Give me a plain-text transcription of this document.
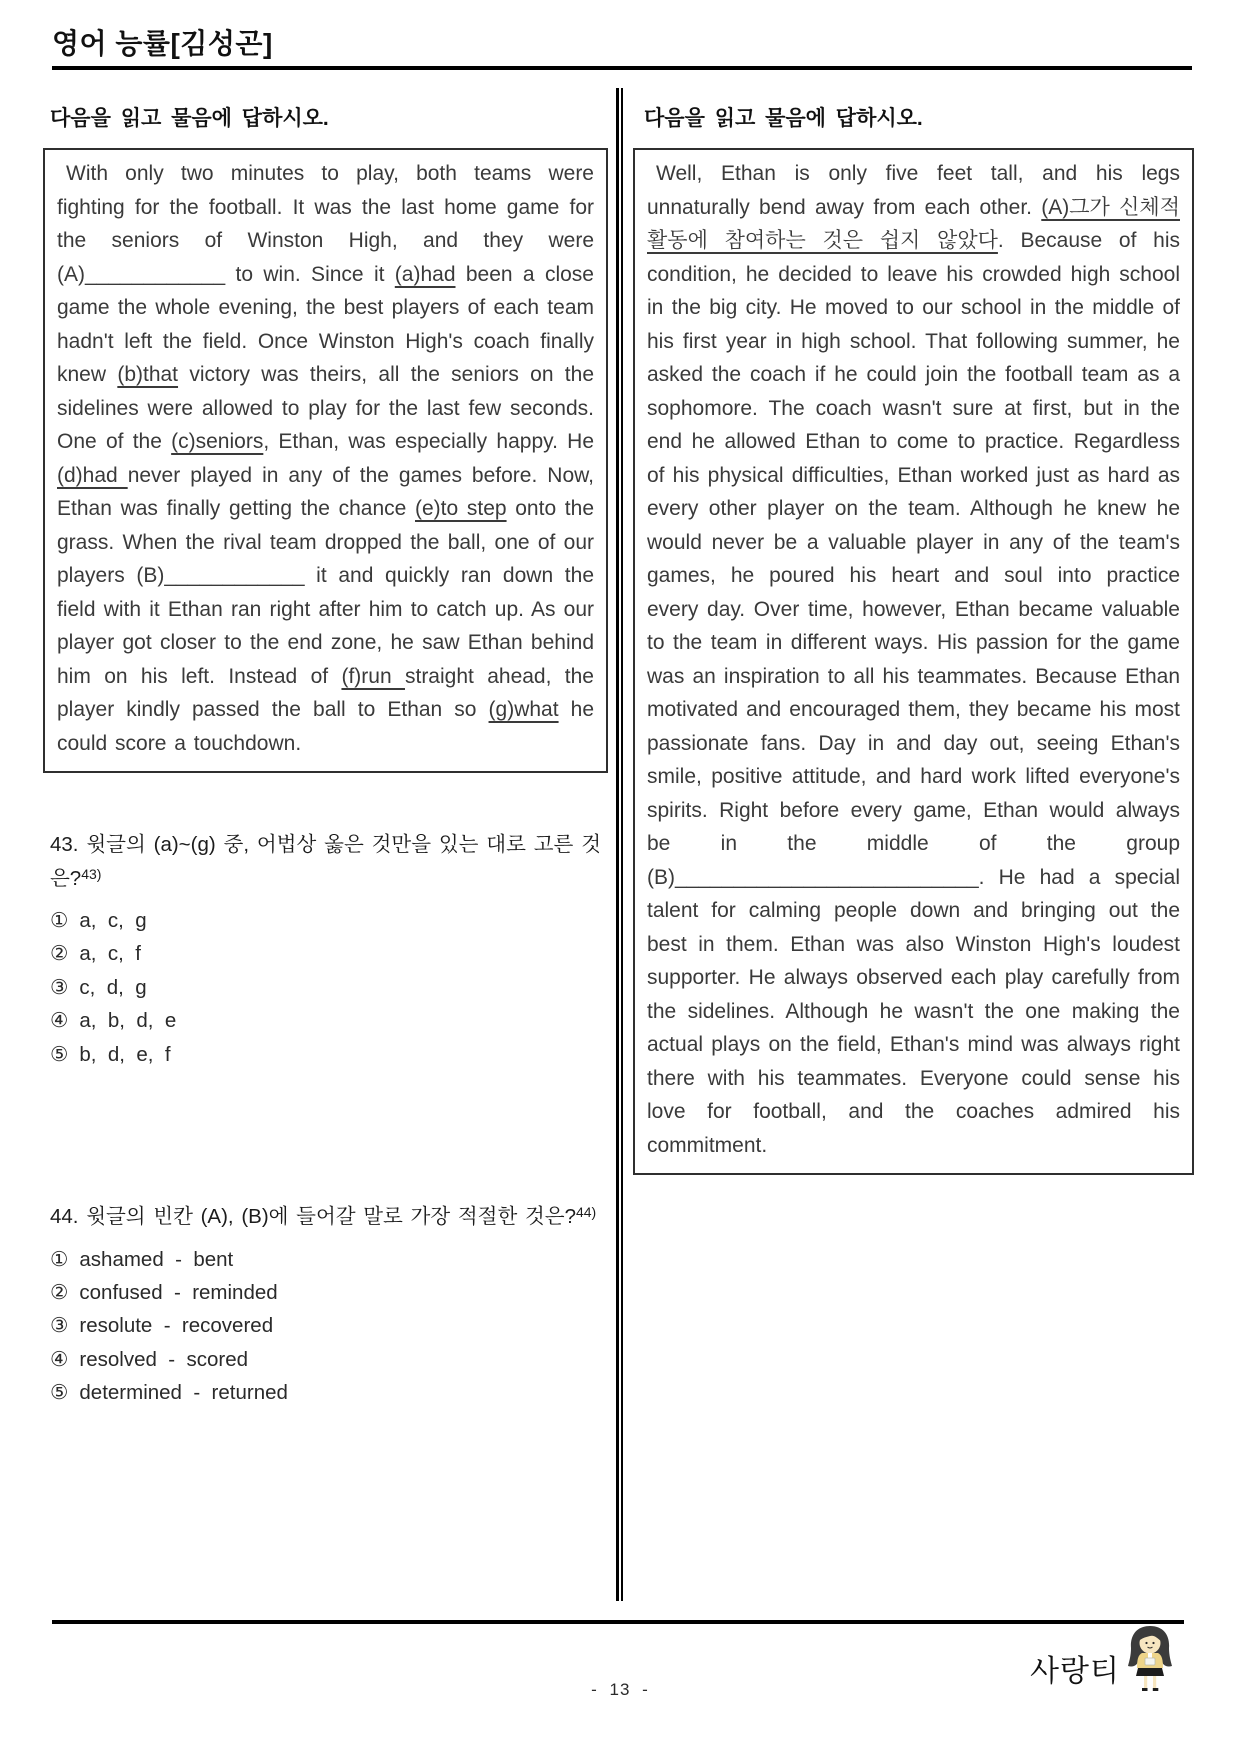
영어 능률[김성곤]
다음을 읽고 물음에 답하시오.
With only two minutes to play, both teams were fighting for the football. It was the last home game for the seniors of Winston High, and they were (A)____________ to win. Since it (a)had been a close game the whole evening, the best players of each team hadn't left the field. Once Winston High's coach finally knew (b)that victory was theirs, all the seniors on the sidelines were allowed to play for the last few seconds. One of the (c)seniors, Ethan, was especially happy. He (d)had never played in any of the games before. Now, Ethan was finally getting the chance (e)to step onto the grass. When the rival team dropped the ball, one of our players (B)____________ it and quickly ran down the field with it Ethan ran right after him to catch up. As our player got closer to the end zone, he saw Ethan behind him on his left. Instead of (f)run straight ahead, the player kindly passed the ball to Ethan so (g)what he could score a touchdown.
43. 윗글의 (a)~(g) 중, 어법상 옳은 것만을 있는 대로 고른 것은?$^{43)}$
① a,  c,  g
② a,  c,  f
③ c,  d,  g
④ a,  b,  d,  e
⑤ b,  d,  e,  f
44. 윗글의 빈칸 (A), (B)에 들어갈 말로 가장 적절한 것은?$^{44)}$
① ashamed  -  bent
② confused  -  reminded
③ resolute  -  recovered
④ resolved  -  scored
⑤ determined  -  returned
다음을 읽고 물음에 답하시오.
Well, Ethan is only five feet tall, and his legs unnaturally bend away from each other. (A)그가 신체적 활동에 참여하는 것은 쉽지 않았다. Because of his condition, he decided to leave his crowded high school in the big city. He moved to our school in the middle of his first year in high school. That following summer, he asked the coach if he could join the football team as a sophomore. The coach wasn't sure at first, but in the end he allowed Ethan to come to practice. Regardless of his physical difficulties, Ethan worked just as hard as every other player on the team. Although he knew he would never be a valuable player in any of the team's games, he poured his heart and soul into practice every day. Over time, however, Ethan became valuable to the team in different ways. His passion for the game was an inspiration to all his teammates. Because Ethan motivated and encouraged them, they became his most passionate fans. Day in and day out, seeing Ethan's smile, positive attitude, and hard work lifted everyone's spirits. Right before every game, Ethan would always be in the middle of the group (B)__________________________. He had a special talent for calming people down and bringing out the best in them. Ethan was also Winston High's loudest supporter. He always observed each play carefully from the sidelines. Although he wasn't the one making the actual plays on the field, Ethan's mind was always right there with his teammates. Everyone could sense his love for football, and the coaches admired his commitment.
사랑티
- 13 -
